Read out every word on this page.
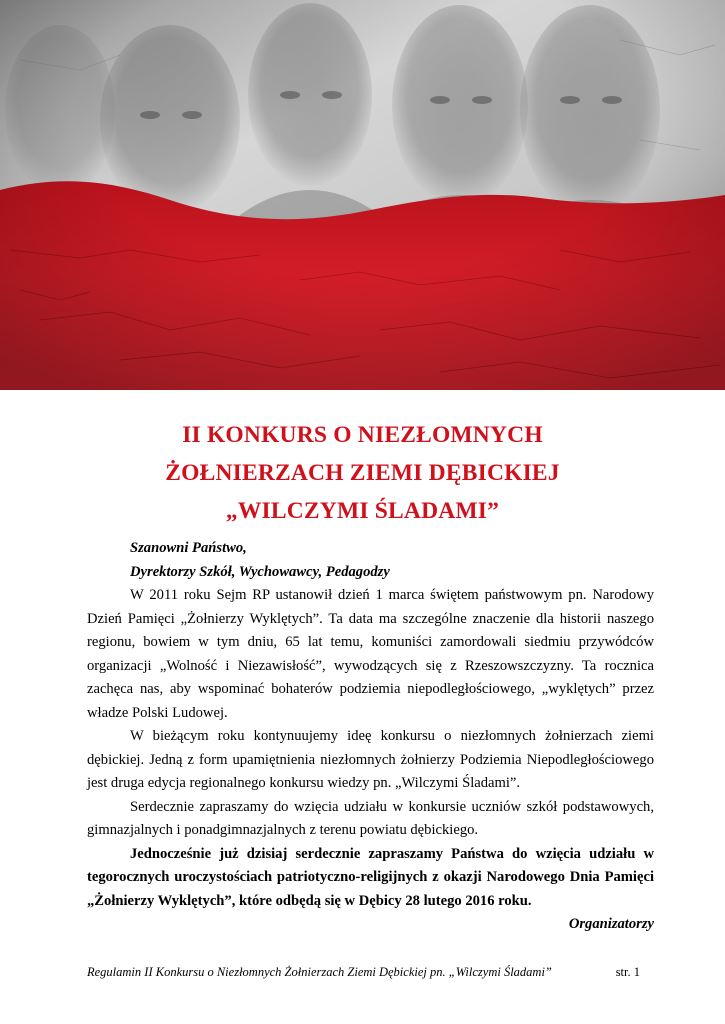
II KONKURS O NIEZŁOMNYCH
ŻOŁNIERZACH ZIEMI DĘBICKIEJ
„WILCZYMI ŚLADAMI”
Szanowni Państwo,
Dyrektorzy Szkół, Wychowawcy, Pedagodzy

W 2011 roku Sejm RP ustanowił dzień 1 marca świętem państwowym pn. Narodowy Dzień Pamięci „Żołnierzy Wyklętych”. Ta data ma szczególne znaczenie dla historii naszego regionu, bowiem w tym dniu, 65 lat temu, komuniści zamordowali siedmiu przywódców organizacji „Wolność i Niezawisłość”, wywodzących się z Rzeszowszczyzny. Ta rocznica zachęca nas, aby wspominać bohaterów podziemia niepodległościowego, „wyklętych” przez władze Polski Ludowej.

W bieżącym roku kontynuujemy ideę konkursu o niezłomnych żołnierzach ziemi dębickiej. Jedną z form upamiętnienia niezłomnych żołnierzy Podziemia Niepodległościowego jest druga edycja regionalnego konkursu wiedzy pn. „Wilczymi Śladami”.

Serdecznie zapraszamy do wzięcia udziału w konkursie uczniów szkół podstawowych, gimnazjalnych i ponadgimnazjalnych z terenu powiatu dębickiego.

Jednocześnie już dzisiaj serdecznie zapraszamy Państwa do wzięcia udziału w tegorocznych uroczystościach patriotyczno-religijnych z okazji Narodowego Dnia Pamięci „Żołnierzy Wyklętych”, które odbędą się w Dębicy 28 lutego 2016 roku.

Organizatorzy
Regulamin II Konkursu o Niezłomnych Żołnierzach Ziemi Dębickiej pn. „Wilczymi Śladami”	str. 1
